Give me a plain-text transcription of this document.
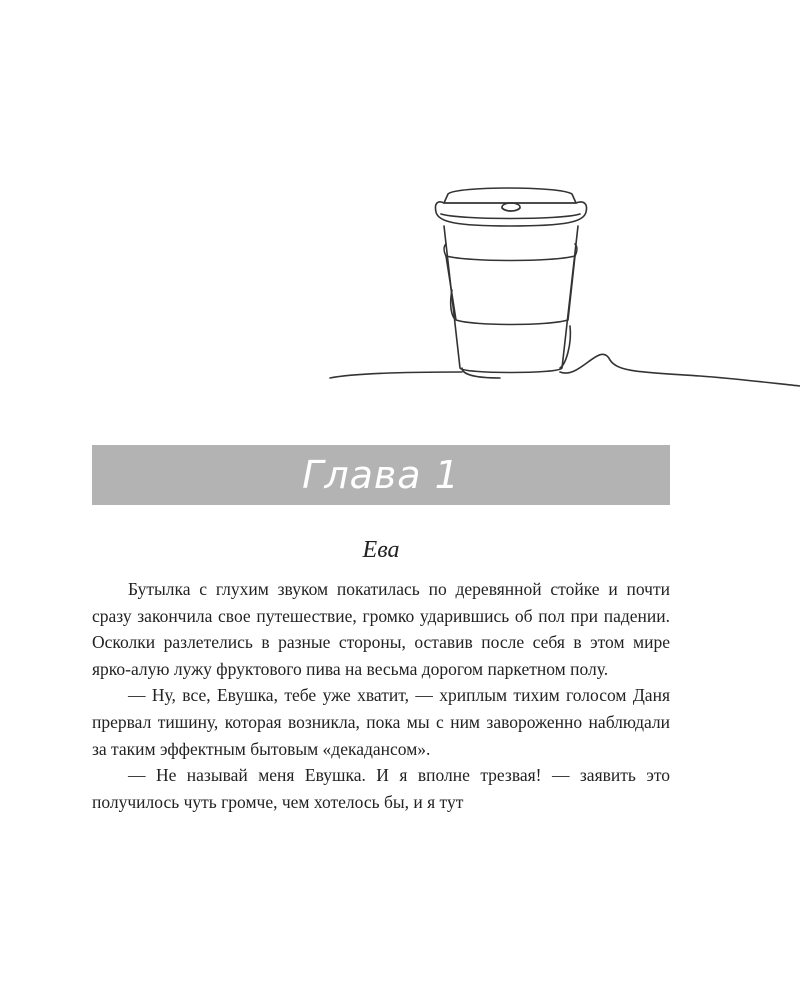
Глава 1
Ева

Бутылка с глухим звуком покатилась по деревянной стойке и почти сразу закончила свое путешествие, громко ударившись об пол при падении. Осколки разлетелись в разные стороны, оставив после себя в этом мире ярко-алую лужу фруктового пива на весьма дорогом паркетном полу.

— Ну, все, Евушка, тебе уже хватит, — хриплым тихим голосом Даня прервал тишину, которая возникла, пока мы с ним завороженно наблюдали за таким эффектным бытовым «декадансом».

— Не называй меня Евушка. И я вполне трезвая! — заявить это получилось чуть громче, чем хотелось бы, и я тут
